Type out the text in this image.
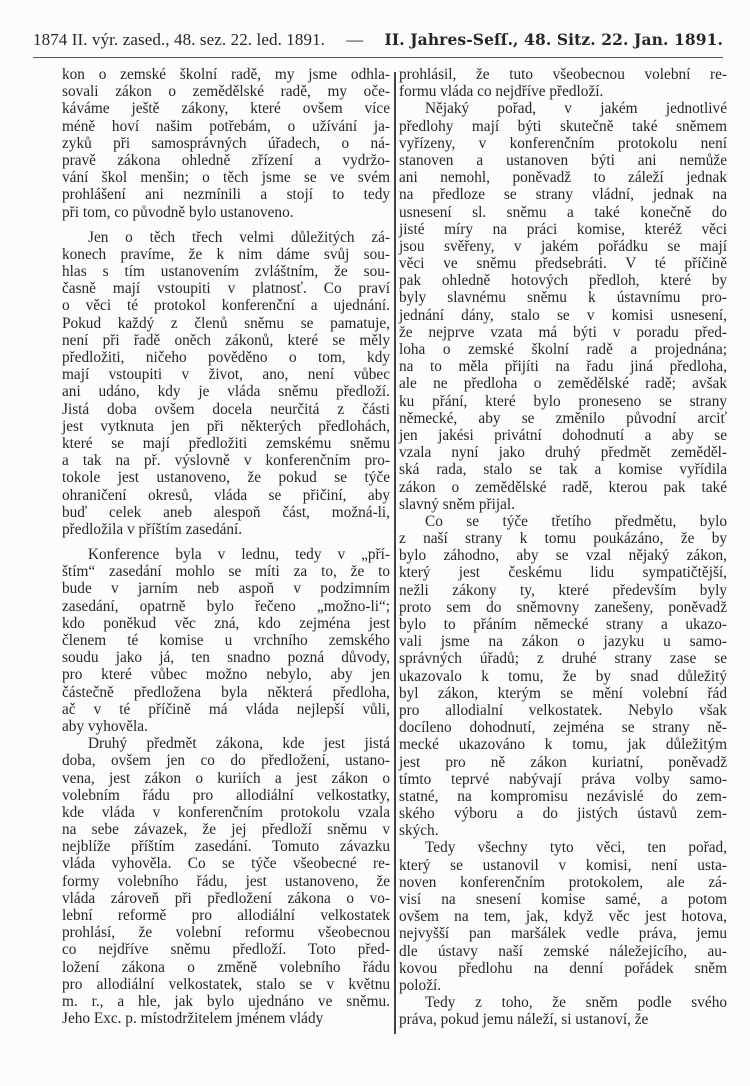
1874 II. výr. zased., 48. sez. 22. led. 1891. — II. Jahres-Seſſ., 48. Sitz. 22. Jan. 1891.
kon o zemské školní radě, my jsme odhla-
sovali zákon o zemědělské radě, my oče-
káváme ještě zákony, které ovšem více
méně hoví našim potřebám, o užívání ja-
zyků při samosprávných úřadech, o ná-
pravě zákona ohledně zřízení a vydržo-
vání škol menšin; o těch jsme se ve svém
prohlášení ani nezmínili a stojí to tedy
při tom, co původně bylo ustanoveno.
Jen o těch třech velmi důležitých zá-
konech pravíme, že k nim dáme svůj sou-
hlas s tím ustanovením zvláštním, že sou-
časně mají vstoupiti v platnosť. Co praví
o věci té protokol konferenční a ujednání.
Pokud každý z členů sněmu se pamatuje,
není při řadě oněch zákonů, které se měly
předložiti, ničeho pověděno o tom, kdy
mají vstoupiti v život, ano, není vůbec
ani udáno, kdy je vláda sněmu předloží.
Jistá doba ovšem docela neurčitá z části
jest vytknuta jen při některých předlohách,
které se mají předložiti zemskému sněmu
a tak na př. výslovně v konferenčním pro-
tokole jest ustanoveno, že pokud se týče
ohraničení okresů, vláda se přičiní, aby
buď celek aneb alespoň část, možná-li,
předložila v příštím zasedání.
Konference byla v lednu, tedy v „pří-
štím“ zasedání mohlo se míti za to, že to
bude v jarním neb aspoň v podzimním
zasedání, opatrně bylo řečeno „možno-li“;
kdo poněkud věc zná, kdo zejména jest
členem té komise u vrchního zemského
soudu jako já, ten snadno pozná důvody,
pro které vůbec možno nebylo, aby jen
částečně předložena byla některá předloha,
ač v té příčině má vláda nejlepší vůli,
aby vyhověla.
Druhý předmět zákona, kde jest jistá
doba, ovšem jen co do předložení, ustano-
vena, jest zákon o kuriích a jest zákon o
volebním řádu pro allodiální velkostatky,
kde vláda v konferenčním protokolu vzala
na sebe závazek, že jej předloží sněmu v
nejblíže příštím zasedání. Tomuto závazku
vláda vyhověla. Co se týče všeobecné re-
formy volebního řádu, jest ustanoveno, že
vláda zároveň při předložení zákona o vo-
lební reformě pro allodiální velkostatek
prohlásí, že volební reformu všeobecnou
co nejdříve sněmu předloží. Toto před-
ložení zákona o změně volebního řádu
pro allodiální velkostatek, stalo se v květnu
m. r., a hle, jak bylo ujednáno ve sněmu.
Jeho Exc. p. místodržitelem jménem vlády
prohlásil, že tuto všeobecnou volební re-
formu vláda co nejdříve předloží.
Nějaký pořad, v jakém jednotlivé
předlohy mají býti skutečně také sněmem
vyřízeny, v konferenčním protokolu není
stanoven a ustanoven býti ani nemůže
ani nemohl, poněvadž to záleží jednak
na předloze se strany vládní, jednak na
usnesení sl. sněmu a také konečně do
jisté míry na práci komise, kteréž věci
jsou svěřeny, v jakém pořádku se mají
věci ve sněmu předsebráti. V té příčině
pak ohledně hotových předloh, které by
byly slavnému sněmu k ústavnímu pro-
jednání dány, stalo se v komisi usnesení,
že nejprve vzata má býti v poradu před-
loha o zemské školní radě a projednána;
na to měla přijíti na řadu jiná předloha,
ale ne předloha o zemědělské radě; avšak
ku přání, které bylo proneseno se strany
německé, aby se změnilo původní arciť
jen jakési privátní dohodnutí a aby se
vzala nyní jako druhý předmět zeměděl-
ská rada, stalo se tak a komise vyřídila
zákon o zemědělské radě, kterou pak také
slavný sněm přijal.
Co se týče třetího předmětu, bylo
z naší strany k tomu poukázáno, že by
bylo záhodno, aby se vzal nějaký zákon,
který jest českému lidu sympatičtější,
nežli zákony ty, které především byly
proto sem do sněmovny zanešeny, poněvadž
bylo to přáním německé strany a ukazo-
vali jsme na zákon o jazyku u samo-
správných úřadů; z druhé strany zase se
ukazovalo k tomu, že by snad důležitý
byl zákon, kterým se mění volební řád
pro allodialní velkostatek. Nebylo však
docíleno dohodnutí, zejména se strany ně-
mecké ukazováno k tomu, jak důležitým
jest pro ně zákon kuriatní, poněvadž
tímto teprvé nabývají práva volby samo-
statné, na kompromisu nezávislé do zem-
ského výboru a do jistých ústavů zem-
ských.
Tedy všechny tyto věci, ten pořad,
který se ustanovil v komisi, není usta-
noven konferenčním protokolem, ale zá-
visí na snesení komise samé, a potom
ovšem na tem, jak, když věc jest hotova,
nejvyšší pan maršálek vedle práva, jemu
dle ústavy naší zemské náležejícího, au-
kovou předlohu na denní pořádek sněm
položí.
Tedy z toho, že sněm podle svého
práva, pokud jemu náleží, si ustanoví, že
